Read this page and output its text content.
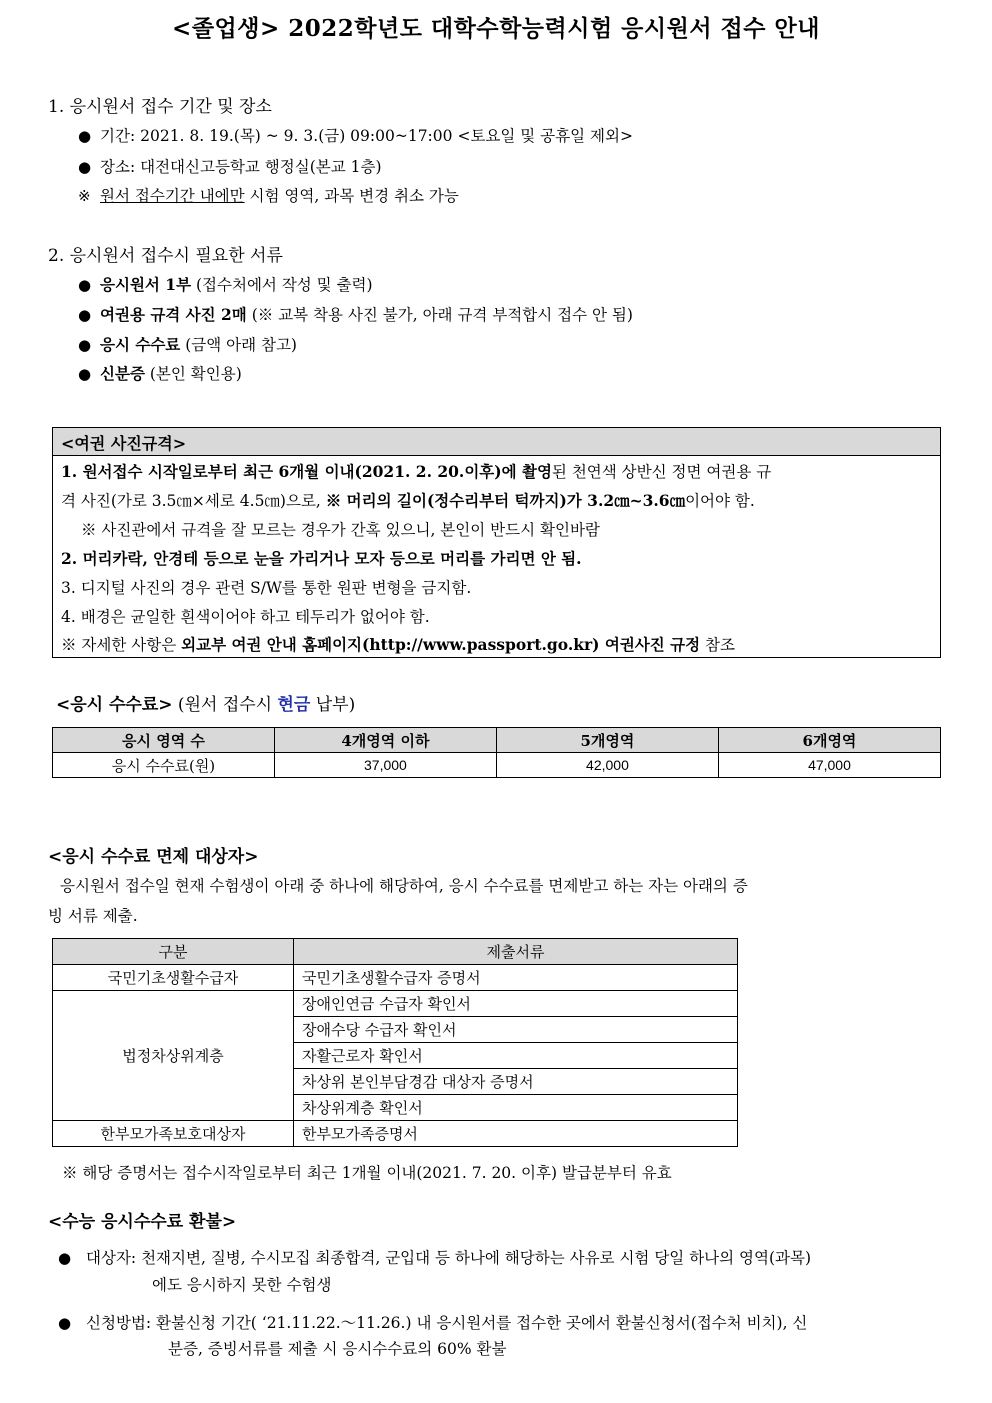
<졸업생> 2022학년도 대학수학능력시험 응시원서 접수 안내
1. 응시원서 접수 기간 및 장소
● 기간: 2021. 8. 19.(목) ~ 9. 3.(금) 09:00~17:00 <토요일 및 공휴일 제외>
● 장소: 대전대신고등학교 행정실(본교 1층)
※ 원서 접수기간 내에만 시험 영역, 과목 변경 취소 가능
2. 응시원서 접수시 필요한 서류
● 응시원서 1부 (접수처에서 작성 및 출력)
● 여권용 규격 사진 2매 (※ 교복 착용 사진 불가, 아래 규격 부적합시 접수 안 됨)
● 응시 수수료 (금액 아래 참고)
● 신분증 (본인 확인용)
<여권 사진규격>
1. 원서접수 시작일로부터 최근 6개월 이내(2021. 2. 20.이후)에 촬영된 천연색 상반신 정면 여권용 규
격 사진(가로 3.5㎝×세로 4.5㎝)으로, ※ 머리의 길이(정수리부터 턱까지)가 3.2㎝~3.6㎝이어야 함.
※ 사진관에서 규격을 잘 모르는 경우가 간혹 있으니, 본인이 반드시 확인바람
2. 머리카락, 안경테 등으로 눈을 가리거나 모자 등으로 머리를 가리면 안 됨.
3. 디지털 사진의 경우 관련 S/W를 통한 원판 변형을 금지함.
4. 배경은 균일한 흰색이어야 하고 테두리가 없어야 함.
※ 자세한 사항은 외교부 여권 안내 홈페이지(http://www.passport.go.kr) 여권사진 규정 참조
<응시 수수료> (원서 접수시 현금 납부)
응시 영역 수	4개영역 이하	5개영역	6개영역
응시 수수료(원)	37,000	42,000	47,000
<응시 수수료 면제 대상자>
응시원서 접수일 현재 수험생이 아래 중 하나에 해당하여, 응시 수수료를 면제받고 하는 자는 아래의 증
빙 서류 제출.
구분	제출서류
국민기초생활수급자	국민기초생활수급자 증명서
법정차상위계층	장애인연금 수급자 확인서
	장애수당 수급자 확인서
	자활근로자 확인서
	차상위 본인부담경감 대상자 증명서
	차상위계층 확인서
한부모가족보호대상자	한부모가족증명서
※ 해당 증명서는 접수시작일로부터 최근 1개월 이내(2021. 7. 20. 이후) 발급분부터 유효
<수능 응시수수료 환불>
● 대상자: 천재지변, 질병, 수시모집 최종합격, 군입대 등 하나에 해당하는 사유로 시험 당일 하나의 영역(과목)
에도 응시하지 못한 수험생
● 신청방법: 환불신청 기간( ‘21.11.22.～11.26.) 내 응시원서를 접수한 곳에서 환불신청서(접수처 비치), 신
분증, 증빙서류를 제출 시 응시수수료의 60% 환불
